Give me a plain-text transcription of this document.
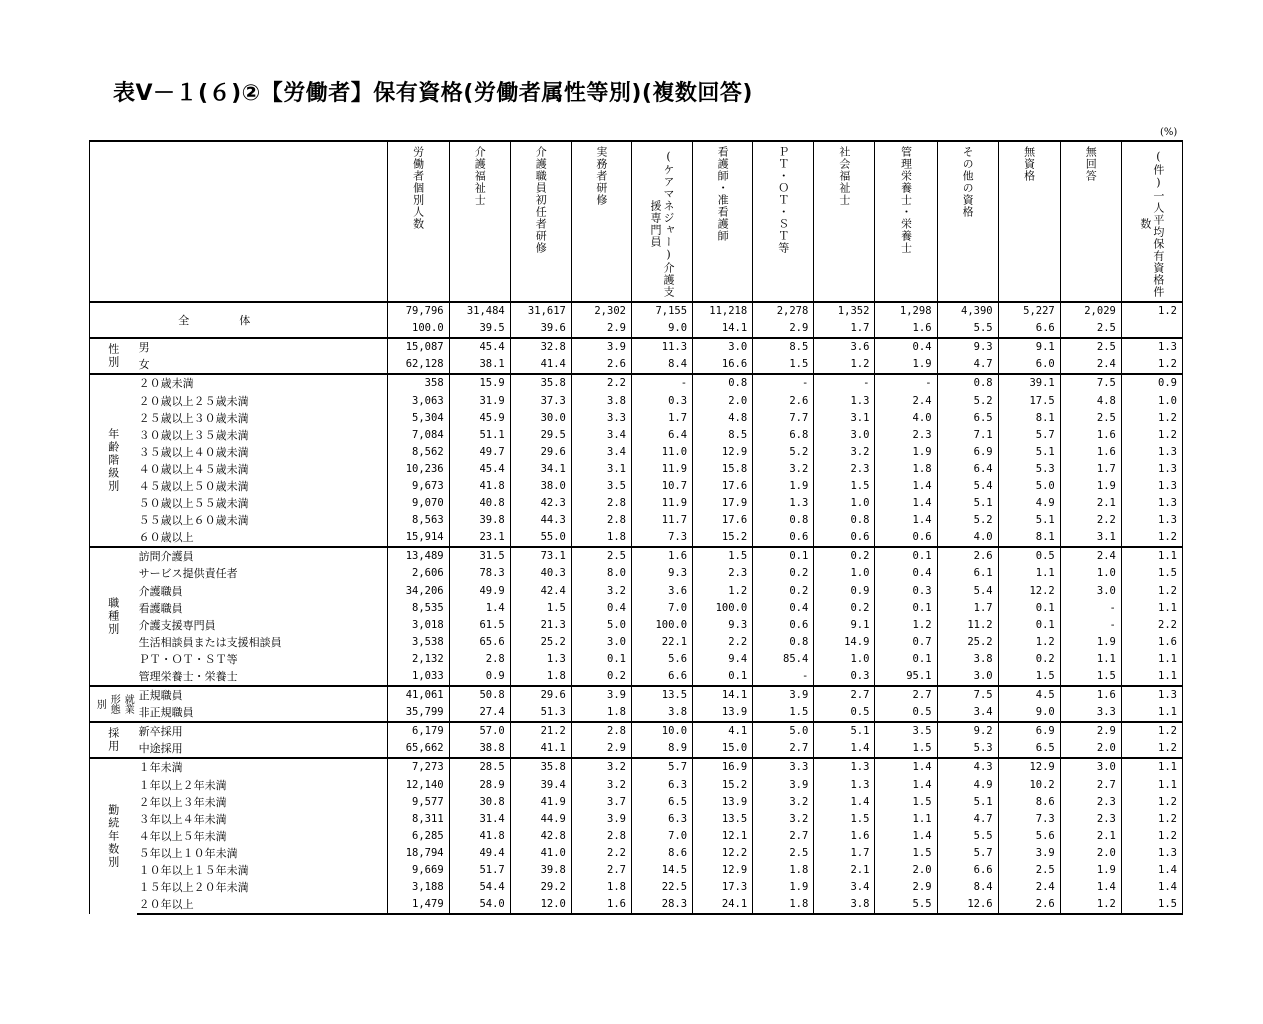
表Ⅴ－１(６)②【労働者】保有資格(労働者属性等別)(複数回答)
(%)

		労働者個別人数	介護福祉士	介護職員初任者研修	実務者研修	(ケアマネジャー)介護支援専門員	看護師・准看護師	ＰＴ・ＯＴ・ＳＴ等	社会福祉士	管理栄養士・栄養士	その他の資格	無資格	無回答	(件)一人平均保有資格件数

全体		79,796	31,484	31,617	2,302	7,155	11,218	2,278	1,352	1,298	4,390	5,227	2,029	1.2
		100.0	39.5	39.6	2.9	9.0	14.1	2.9	1.7	1.6	5.5	6.6	2.5	

性別	男	15,087	45.4	32.8	3.9	11.3	3.0	8.5	3.6	0.4	9.3	9.1	2.5	1.3
	女	62,128	38.1	41.4	2.6	8.4	16.6	1.5	1.2	1.9	4.7	6.0	2.4	1.2

年齢階級別	２０歳未満	358	15.9	35.8	2.2	-	0.8	-	-	-	0.8	39.1	7.5	0.9
	２０歳以上２５歳未満	3,063	31.9	37.3	3.8	0.3	2.0	2.6	1.3	2.4	5.2	17.5	4.8	1.0
	２５歳以上３０歳未満	5,304	45.9	30.0	3.3	1.7	4.8	7.7	3.1	4.0	6.5	8.1	2.5	1.2
	３０歳以上３５歳未満	7,084	51.1	29.5	3.4	6.4	8.5	6.8	3.0	2.3	7.1	5.7	1.6	1.2
	３５歳以上４０歳未満	8,562	49.7	29.6	3.4	11.0	12.9	5.2	3.2	1.9	6.9	5.1	1.6	1.3
	４０歳以上４５歳未満	10,236	45.4	34.1	3.1	11.9	15.8	3.2	2.3	1.8	6.4	5.3	1.7	1.3
	４５歳以上５０歳未満	9,673	41.8	38.0	3.5	10.7	17.6	1.9	1.5	1.4	5.4	5.0	1.9	1.3
	５０歳以上５５歳未満	9,070	40.8	42.3	2.8	11.9	17.9	1.3	1.0	1.4	5.1	4.9	2.1	1.3
	５５歳以上６０歳未満	8,563	39.8	44.3	2.8	11.7	17.6	0.8	0.8	1.4	5.2	5.1	2.2	1.3
	６０歳以上	15,914	23.1	55.0	1.8	7.3	15.2	0.6	0.6	0.6	4.0	8.1	3.1	1.2

職種別	訪問介護員	13,489	31.5	73.1	2.5	1.6	1.5	0.1	0.2	0.1	2.6	0.5	2.4	1.1
	サービス提供責任者	2,606	78.3	40.3	8.0	9.3	2.3	0.2	1.0	0.4	6.1	1.1	1.0	1.5
	介護職員	34,206	49.9	42.4	3.2	3.6	1.2	0.2	0.9	0.3	5.4	12.2	3.0	1.2
	看護職員	8,535	1.4	1.5	0.4	7.0	100.0	0.4	0.2	0.1	1.7	0.1	-	1.1
	介護支援専門員	3,018	61.5	21.3	5.0	100.0	9.3	0.6	9.1	1.2	11.2	0.1	-	2.2
	生活相談員または支援相談員	3,538	65.6	25.2	3.0	22.1	2.2	0.8	14.9	0.7	25.2	1.2	1.9	1.6
	ＰＴ・ＯＴ・ＳＴ等	2,132	2.8	1.3	0.1	5.6	9.4	85.4	1.0	0.1	3.8	0.2	1.1	1.1
	管理栄養士・栄養士	1,033	0.9	1.8	0.2	6.6	0.1	-	0.3	95.1	3.0	1.5	1.5	1.1

就業
形態
別	正規職員	41,061	50.8	29.6	3.9	13.5	14.1	3.9	2.7	2.7	7.5	4.5	1.6	1.3
	非正規職員	35,799	27.4	51.3	1.8	3.8	13.9	1.5	0.5	0.5	3.4	9.0	3.3	1.1

採用	新卒採用	6,179	57.0	21.2	2.8	10.0	4.1	5.0	5.1	3.5	9.2	6.9	2.9	1.2
	中途採用	65,662	38.8	41.1	2.9	8.9	15.0	2.7	1.4	1.5	5.3	6.5	2.0	1.2

勤続年数別	１年未満	7,273	28.5	35.8	3.2	5.7	16.9	3.3	1.3	1.4	4.3	12.9	3.0	1.1
	１年以上２年未満	12,140	28.9	39.4	3.2	6.3	15.2	3.9	1.3	1.4	4.9	10.2	2.7	1.1
	２年以上３年未満	9,577	30.8	41.9	3.7	6.5	13.9	3.2	1.4	1.5	5.1	8.6	2.3	1.2
	３年以上４年未満	8,311	31.4	44.9	3.9	6.3	13.5	3.2	1.5	1.1	4.7	7.3	2.3	1.2
	４年以上５年未満	6,285	41.8	42.8	2.8	7.0	12.1	2.7	1.6	1.4	5.5	5.6	2.1	1.2
	５年以上１０年未満	18,794	49.4	41.0	2.2	8.6	12.2	2.5	1.7	1.5	5.7	3.9	2.0	1.3
	１０年以上１５年未満	9,669	51.7	39.8	2.7	14.5	12.9	1.8	2.1	2.0	6.6	2.5	1.9	1.4
	１５年以上２０年未満	3,188	54.4	29.2	1.8	22.5	17.3	1.9	3.4	2.9	8.4	2.4	1.4	1.4
	２０年以上	1,479	54.0	12.0	1.6	28.3	24.1	1.8	3.8	5.5	12.6	2.6	1.2	1.5
